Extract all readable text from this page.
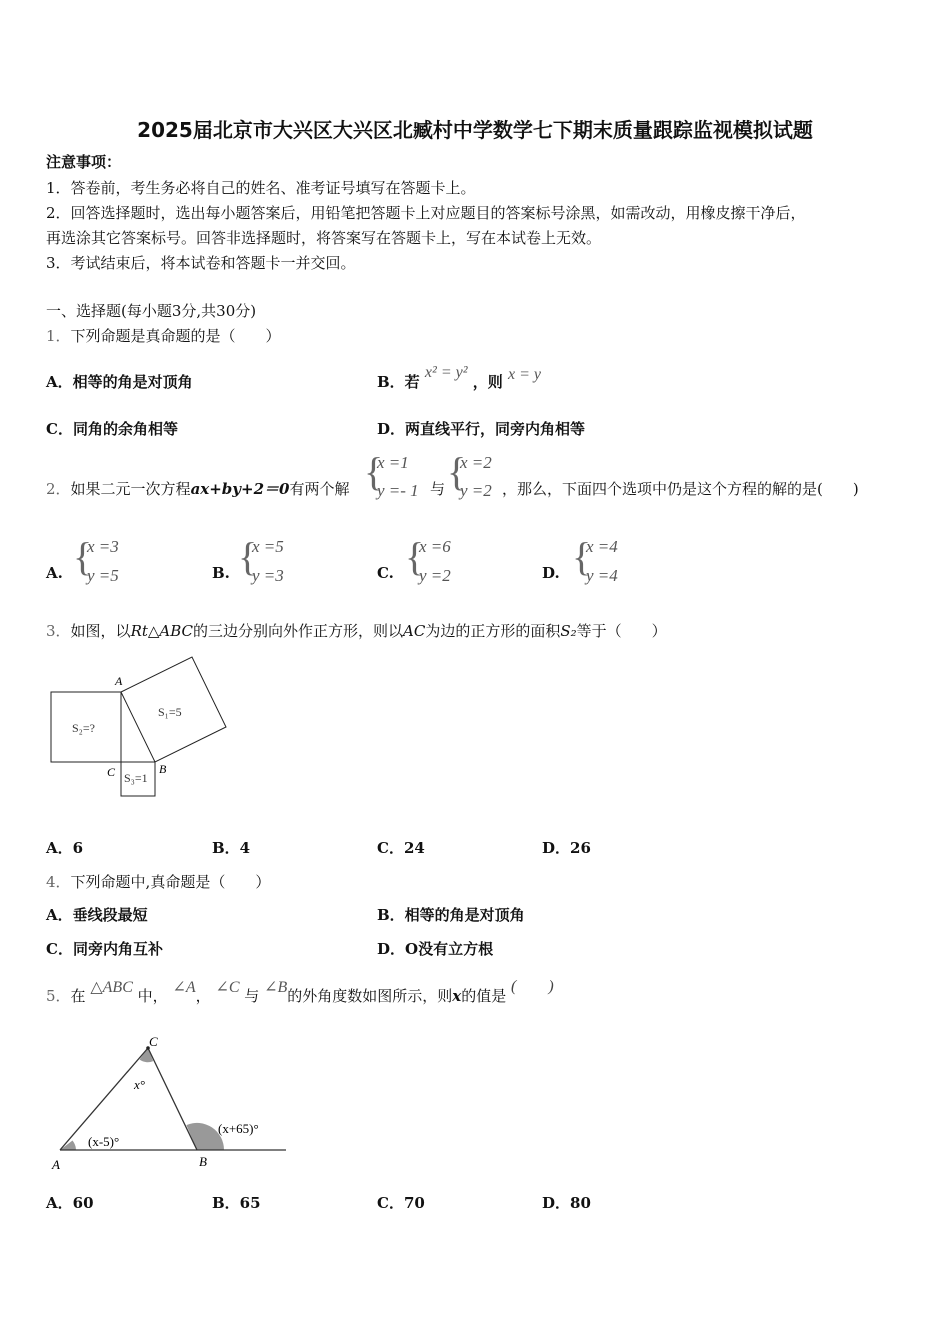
2025届北京市大兴区大兴区北臧村中学数学七下期末质量跟踪监视模拟试题
注意事项：
1．答卷前，考生务必将自己的姓名、准考证号填写在答题卡上。
2．回答选择题时，选出每小题答案后，用铅笔把答题卡上对应题目的答案标号涂黑，如需改动，用橡皮擦干净后，
再选涂其它答案标号。回答非选择题时，将答案写在答题卡上，写在本试卷上无效。
3．考试结束后，将本试卷和答题卡一并交回。
一、选择题(每小题3分,共30分)
1．下列命题是真命题的是（　　）
A．相等的角是对顶角	B．若 x² = y² ，则 x = y
C．同角的余角相等	D．两直线平行，同旁内角相等
2．如果二元一次方程ax+by+2＝0有两个解 {
x =1
y =- 1 与 {
x =2
y =2 ，那么，下面四个选项中仍是这个方程的解的是(　　)
A. {
x =3
y =5	B. {
x =5
y =3	C. {
x =6
y =2	D. {
x =4
y =4
3．如图，以Rt△ABC的三边分别向外作正方形，则以AC为边的正方形的面积S₂等于（　　）
A
C	B
S₂=?
S₁=5
S₃=1
A．6	B．4	C．24	D．26
4．下列命题中,真命题是（　　）
A．垂线段最短	B．相等的角是对顶角
C．同旁内角互补	D．O没有立方根
5．在 △ABC 中， ∠A， ∠C 与 ∠B的外角度数如图所示，则x的值是 (　　)
A	B
C
x°
(x-5)°
(x+65)°
A．60	B．65	C．70	D．80
